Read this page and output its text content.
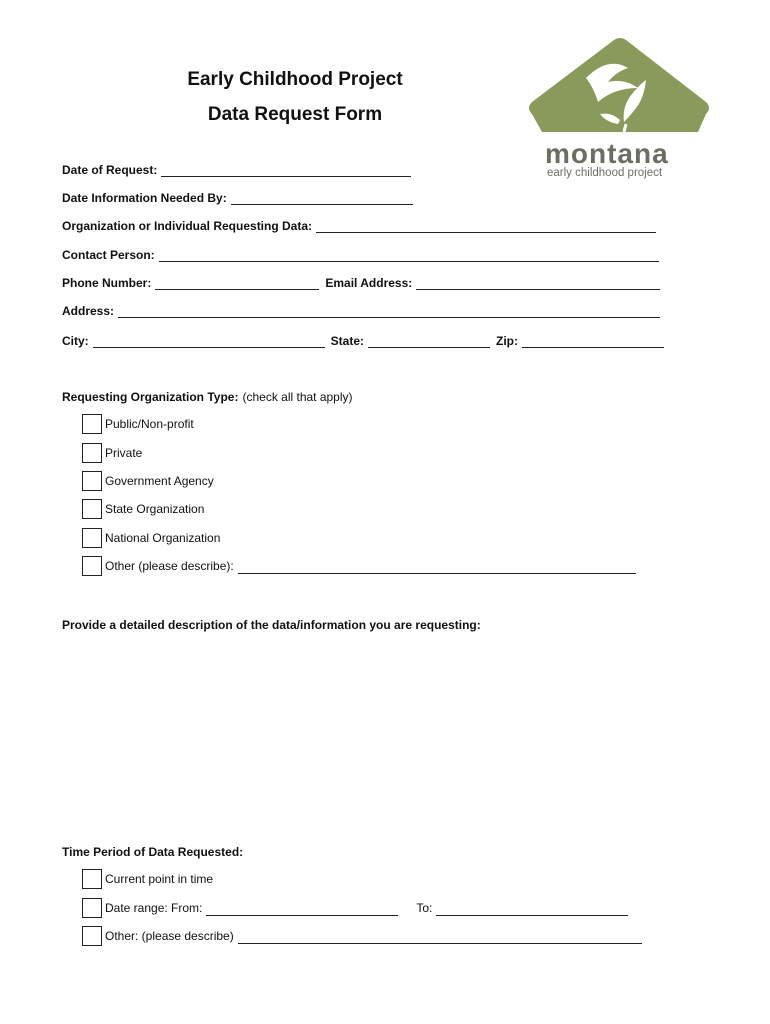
Early Childhood Project
Data Request Form
montana
early childhood project
Date of Request:
Date Information Needed By:
Organization or Individual Requesting Data:
Contact Person:
Phone Number:	Email Address:
Address:
City:	State:	Zip:
Requesting Organization Type: (check all that apply)
Public/Non-profit
Private
Government Agency
State Organization
National Organization
Other (please describe):
Provide a detailed description of the data/information you are requesting:
Time Period of Data Requested:
Current point in time
Date range: From:	To:
Other: (please describe)
